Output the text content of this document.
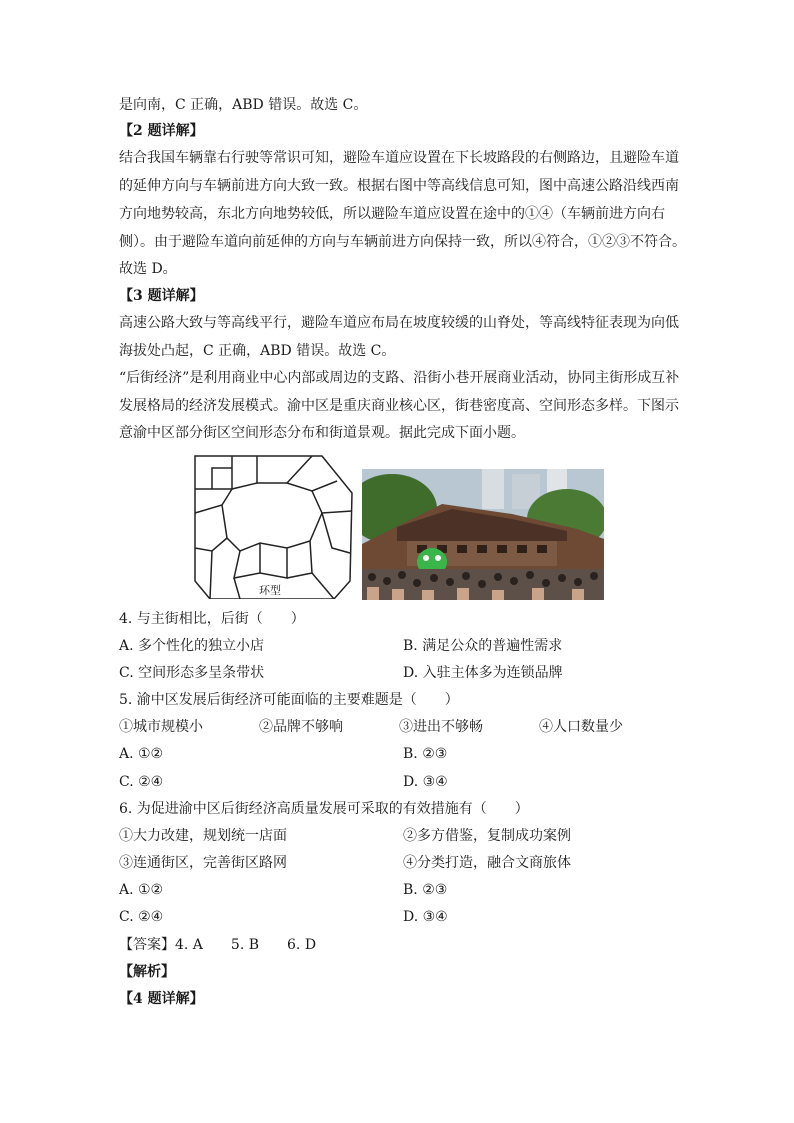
是向南，C 正确，ABD 错误。故选 C。
【2 题详解】
结合我国车辆靠右行驶等常识可知，避险车道应设置在下长坡路段的右侧路边，且避险车道
的延伸方向与车辆前进方向大致一致。根据右图中等高线信息可知，图中高速公路沿线西南
方向地势较高，东北方向地势较低，所以避险车道应设置在途中的①④（车辆前进方向右
侧）。由于避险车道向前延伸的方向与车辆前进方向保持一致，所以④符合，①②③不符合。
故选 D。
【3 题详解】
高速公路大致与等高线平行，避险车道应布局在坡度较缓的山脊处，等高线特征表现为向低
海拔处凸起，C 正确，ABD 错误。故选 C。
“后街经济”是利用商业中心内部或周边的支路、沿街小巷开展商业活动，协同主街形成互补
发展格局的经济发展模式。渝中区是重庆商业核心区，街巷密度高、空间形态多样。下图示
意渝中区部分街区空间形态分布和街道景观。据此完成下面小题。
环型
4. 与主街相比，后街（　　）
A. 多个性化的独立小店	B. 满足公众的普遍性需求
C. 空间形态多呈条带状	D. 入驻主体多为连锁品牌
5. 渝中区发展后街经济可能面临的主要难题是（　　）
①城市规模小	②品牌不够响	③进出不够畅	④人口数量少
A. ①②	B. ②③
C. ②④	D. ③④
6. 为促进渝中区后街经济高质量发展可采取的有效措施有（　　）
①大力改建，规划统一店面	②多方借鉴，复制成功案例
③连通街区，完善街区路网	④分类打造，融合文商旅体
A. ①②	B. ②③
C. ②④	D. ③④
【答案】4. A　　5. B　　6. D
【解析】
【4 题详解】
